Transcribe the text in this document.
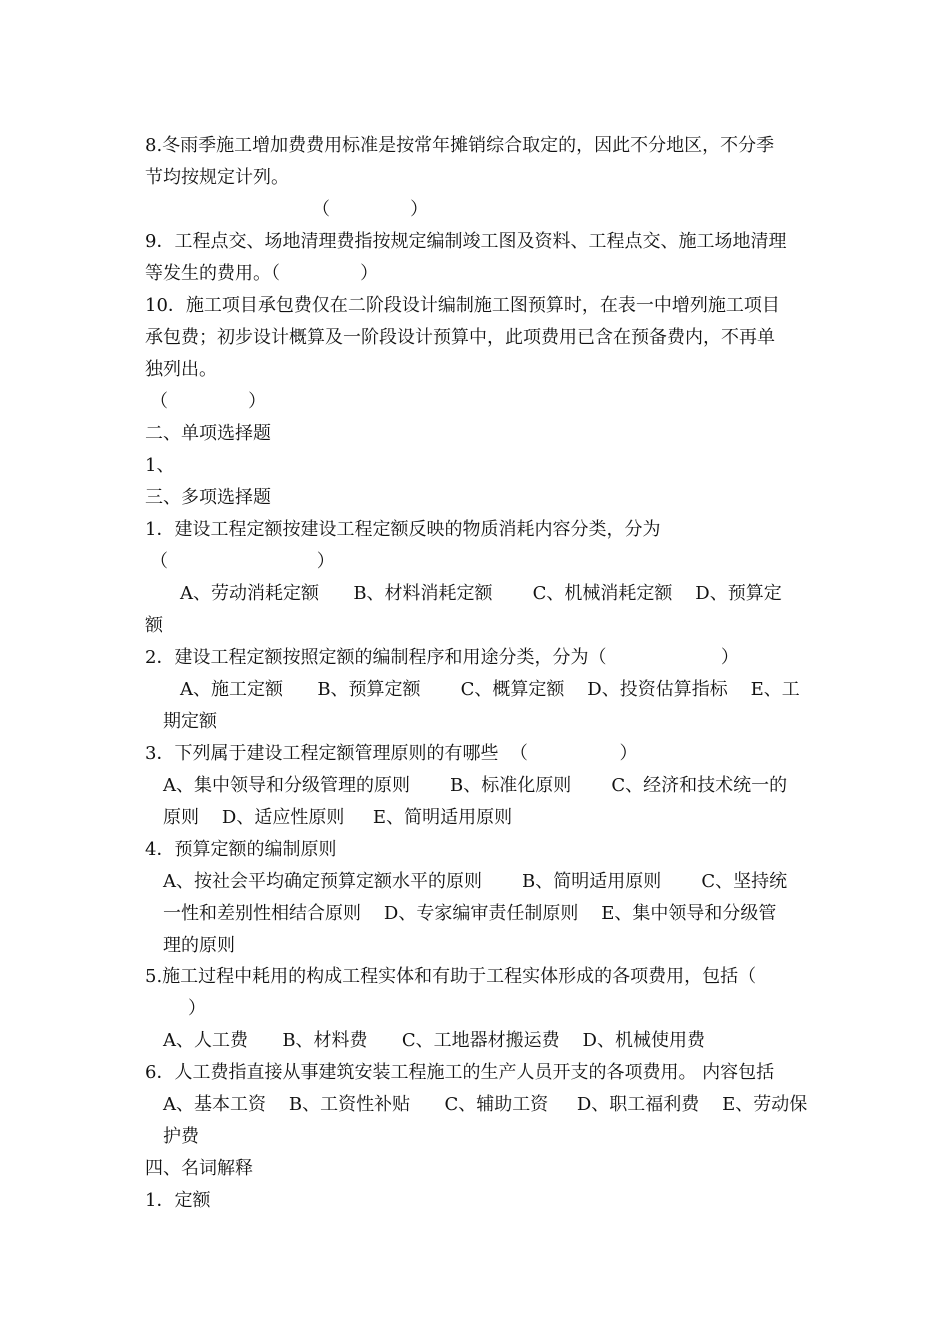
8.冬雨季施工增加费费用标准是按常年摊销综合取定的，因此不分地区，不分季
节均按规定计列。
（              ）
9．工程点交、场地清理费指按规定编制竣工图及资料、工程点交、施工场地清理
等发生的费用。（              ）
10．施工项目承包费仅在二阶段设计编制施工图预算时，在表一中增列施工项目
承包费；初步设计概算及一阶段设计预算中，此项费用已含在预备费内，不再单
独列出。
（              ）
二、单项选择题
1、
三、多项选择题
1．建设工程定额按建设工程定额反映的物质消耗内容分类，分为
（                          ）
A、劳动消耗定额      B、材料消耗定额       C、机械消耗定额    D、预算定
额
2．建设工程定额按照定额的编制程序和用途分类，分为（                    ）
A、施工定额      B、预算定额       C、概算定额    D、投资估算指标    E、工
期定额
3．下列属于建设工程定额管理原则的有哪些  （                ）
A、集中领导和分级管理的原则       B、标准化原则       C、经济和技术统一的
原则    D、适应性原则     E、简明适用原则
4．预算定额的编制原则
A、按社会平均确定预算定额水平的原则       B、简明适用原则       C、坚持统
一性和差别性相结合原则    D、专家编审责任制原则    E、集中领导和分级管
理的原则
5.施工过程中耗用的构成工程实体和有助于工程实体形成的各项费用，包括（
）
A、人工费      B、材料费      C、工地器材搬运费    D、机械使用费
6．人工费指直接从事建筑安装工程施工的生产人员开支的各项费用。 内容包括
A、基本工资    B、工资性补贴      C、辅助工资     D、职工福利费    E、劳动保
护费
四、名词解释
1．定额
